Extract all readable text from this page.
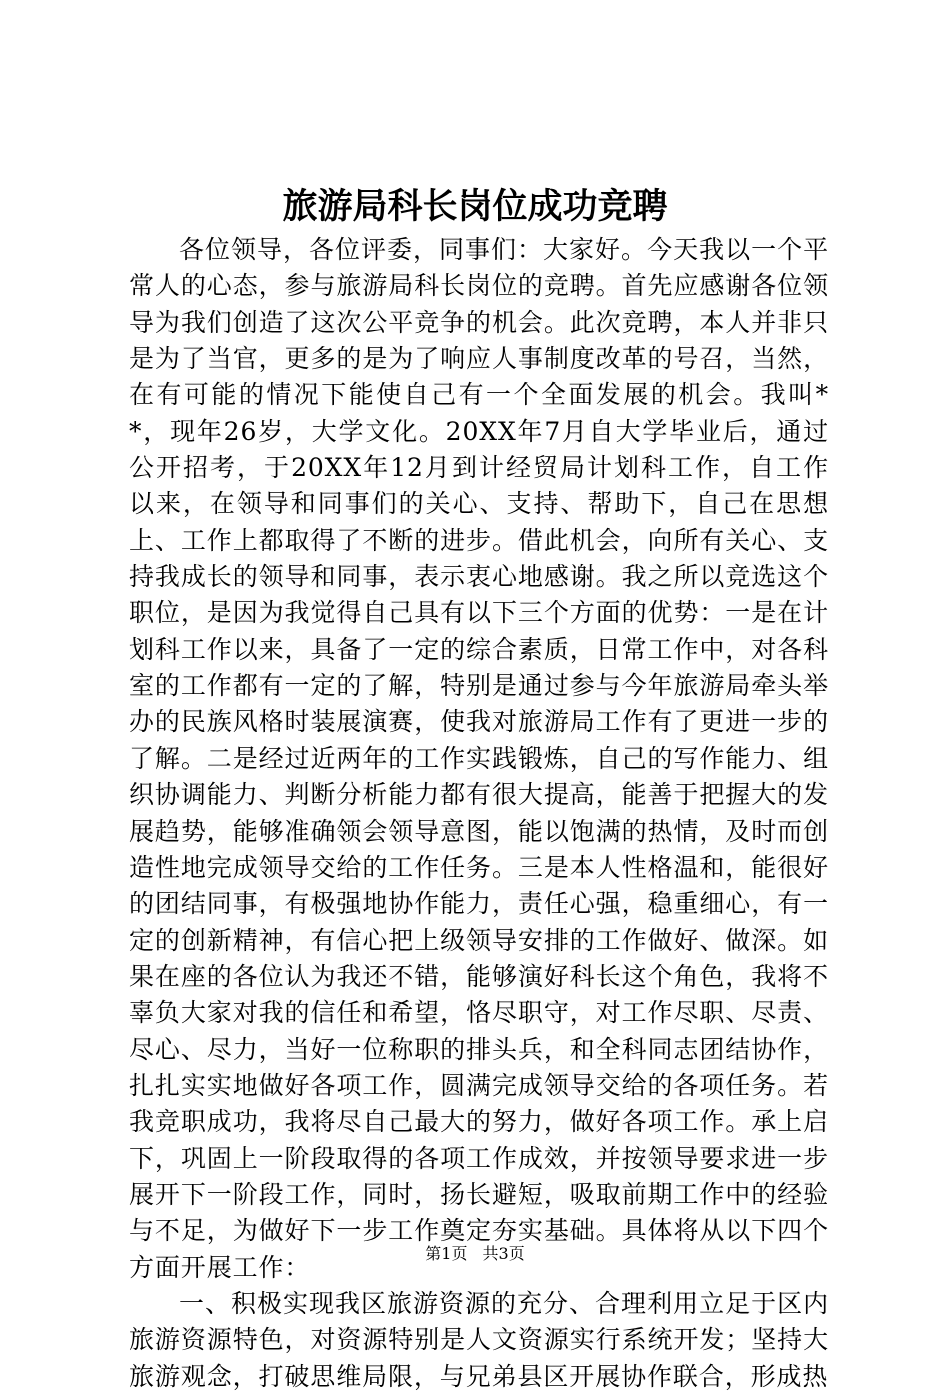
旅游局科长岗位成功竞聘

各位领导，各位评委，同事们：大家好。今天我以一个平常人的心态，参与旅游局科长岗位的竞聘。首先应感谢各位领导为我们创造了这次公平竞争的机会。此次竞聘，本人并非只是为了当官，更多的是为了响应人事制度改革的号召，当然，在有可能的情况下能使自己有一个全面发展的机会。我叫**，现年26岁，大学文化。20XX年7月自大学毕业后，通过公开招考，于20XX年12月到计经贸局计划科工作，自工作以来，在领导和同事们的关心、支持、帮助下，自己在思想上、工作上都取得了不断的进步。借此机会，向所有关心、支持我成长的领导和同事，表示衷心地感谢。我之所以竞选这个职位，是因为我觉得自己具有以下三个方面的优势：一是在计划科工作以来，具备了一定的综合素质，日常工作中，对各科室的工作都有一定的了解，特别是通过参与今年旅游局牵头举办的民族风格时装展演赛，使我对旅游局工作有了更进一步的了解。二是经过近两年的工作实践锻炼，自己的写作能力、组织协调能力、判断分析能力都有很大提高，能善于把握大的发展趋势，能够准确领会领导意图，能以饱满的热情，及时而创造性地完成领导交给的工作任务。三是本人性格温和，能很好的团结同事，有极强地协作能力，责任心强，稳重细心，有一定的创新精神，有信心把上级领导安排的工作做好、做深。如果在座的各位认为我还不错，能够演好科长这个角色，我将不辜负大家对我的信任和希望，恪尽职守，对工作尽职、尽责、尽心、尽力，当好一位称职的排头兵，和全科同志团结协作，扎扎实实地做好各项工作，圆满完成领导交给的各项任务。若我竞职成功，我将尽自己最大的努力，做好各项工作。承上启下，巩固上一阶段取得的各项工作成效，并按领导要求进一步展开下一阶段工作，同时，扬长避短，吸取前期工作中的经验与不足，为做好下一步工作奠定夯实基础。具体将从以下四个方面开展工作：

一、积极实现我区旅游资源的充分、合理利用立足于区内旅游资源特色，对资源特别是人文资源实行系统开发；坚持大旅游观念，打破思维局限，与兄弟县区开展协作联合，形成热

第1页 共3页
